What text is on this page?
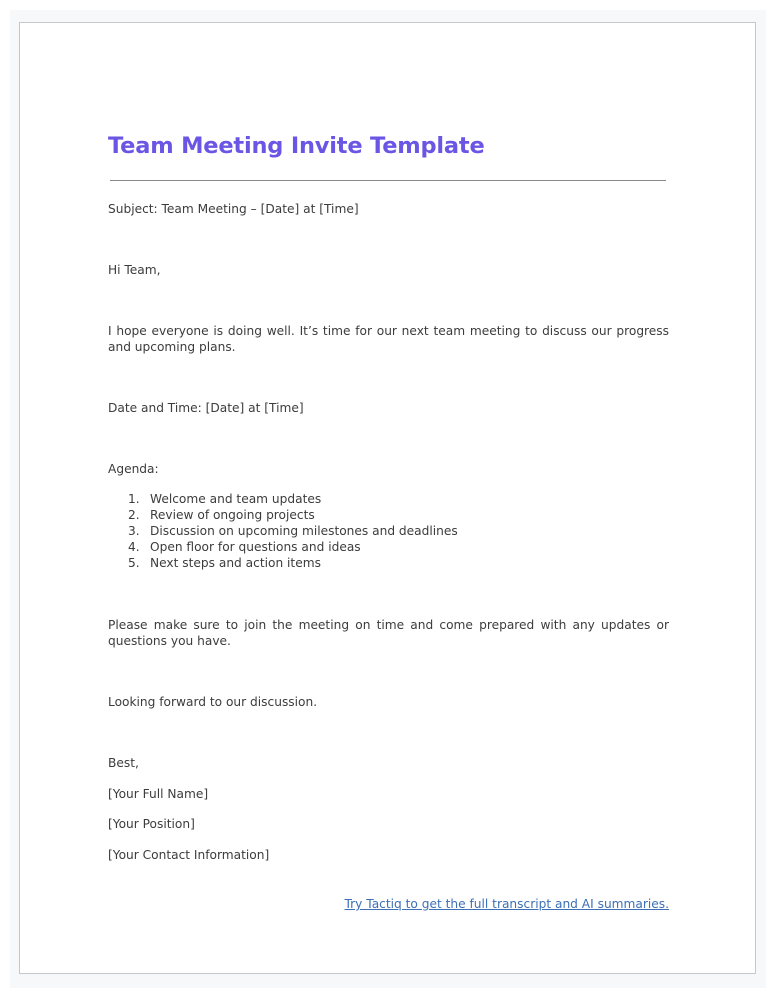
Team Meeting Invite Template

Subject: Team Meeting – [Date] at [Time]

Hi Team,

I hope everyone is doing well. It’s time for our next team meeting to discuss our progress and upcoming plans.

Date and Time: [Date] at [Time]

Agenda:

1. Welcome and team updates
2. Review of ongoing projects
3. Discussion on upcoming milestones and deadlines
4. Open floor for questions and ideas
5. Next steps and action items

Please make sure to join the meeting on time and come prepared with any updates or questions you have.

Looking forward to our discussion.

Best,

[Your Full Name]

[Your Position]

[Your Contact Information]

Try Tactiq to get the full transcript and AI summaries.
